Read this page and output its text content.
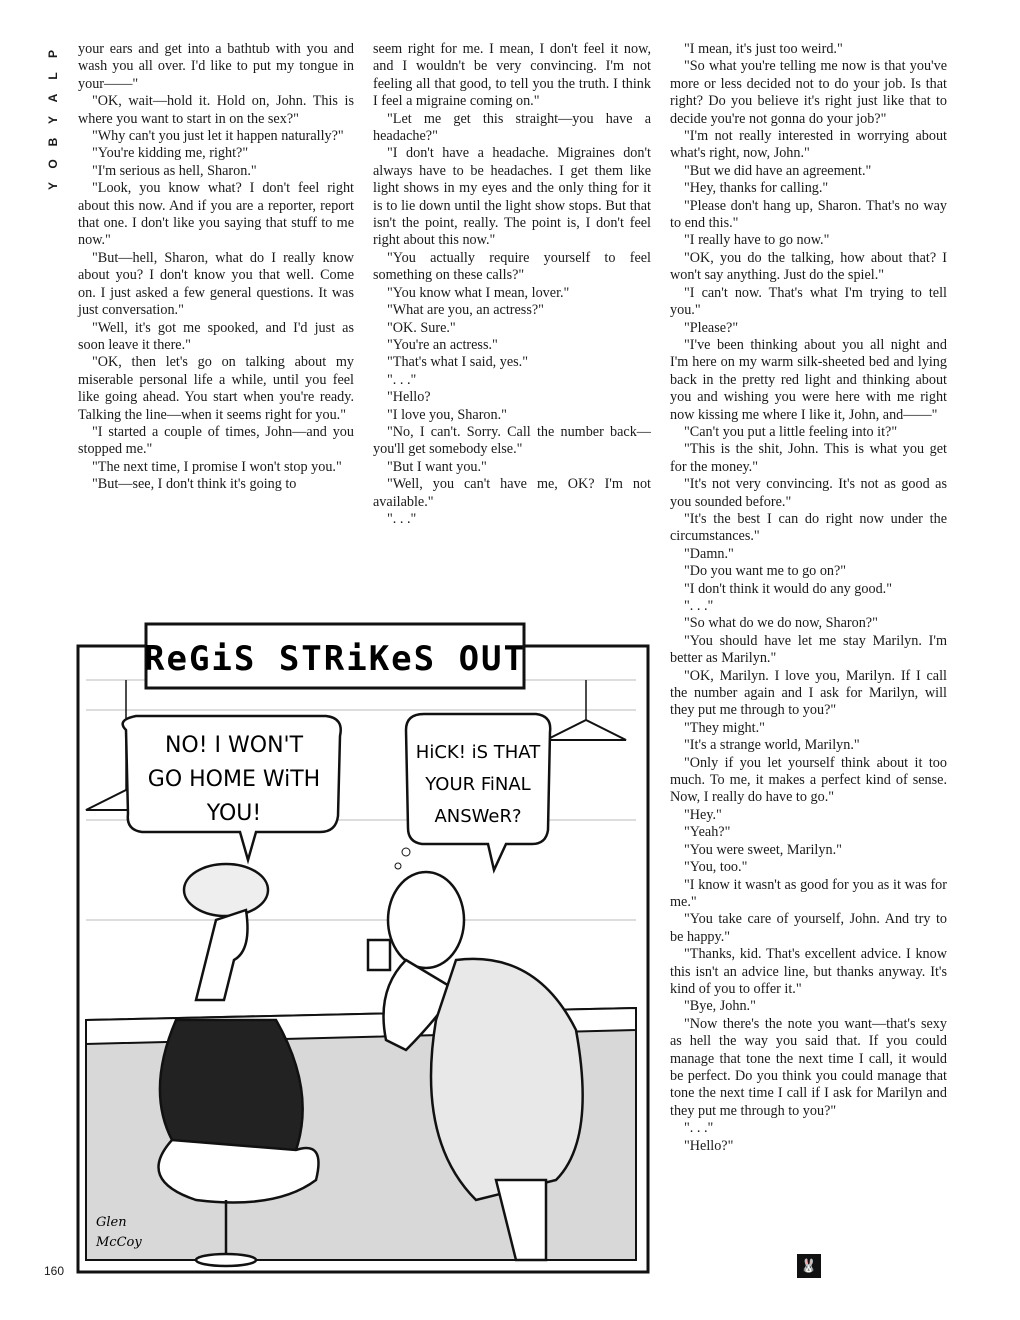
P
L
A
Y
B
O
Y

your ears and get into a bathtub with you and wash you all over. I'd like to put my tongue in your——"

"OK, wait—hold it. Hold on, John. This is where you want to start in on the sex?"

"Why can't you just let it happen naturally?"

"You're kidding me, right?"

"I'm serious as hell, Sharon."

"Look, you know what? I don't feel right about this now. And if you are a reporter, report that one. I don't like you saying that stuff to me now."

"But—hell, Sharon, what do I really know about you? I don't know you that well. Come on. I just asked a few general questions. It was just conversation."

"Well, it's got me spooked, and I'd just as soon leave it there."

"OK, then let's go on talking about my miserable personal life a while, until you feel like going ahead. You start when you're ready. Talking the line—when it seems right for you."

"I started a couple of times, John—and you stopped me."

"The next time, I promise I won't stop you."

"But—see, I don't think it's going to

seem right for me. I mean, I don't feel it now, and I wouldn't be very convincing. I'm not feeling all that good, to tell you the truth. I think I feel a migraine coming on."

"Let me get this straight—you have a headache?"

"I don't have a headache. Migraines don't always have to be headaches. I get them like light shows in my eyes and the only thing for it is to lie down until the light show stops. But that isn't the point, really. The point is, I don't feel right about this now."

"You actually require yourself to feel something on these calls?"

"You know what I mean, lover."

"What are you, an actress?"

"OK. Sure."

"You're an actress."

"That's what I said, yes."

". . ."

"Hello?

"I love you, Sharon."

"No, I can't. Sorry. Call the number back—you'll get somebody else."

"But I want you."

"Well, you can't have me, OK? I'm not available."

". . ."

"I mean, it's just too weird."

"So what you're telling me now is that you've more or less decided not to do your job. Is that right? Do you believe it's right just like that to decide you're not gonna do your job?"

"I'm not really interested in worrying about what's right, now, John."

"But we did have an agreement."

"Hey, thanks for calling."

"Please don't hang up, Sharon. That's no way to end this."

"I really have to go now."

"OK, you do the talking, how about that? I won't say anything. Just do the spiel."

"I can't now. That's what I'm trying to tell you."

"Please?"

"I've been thinking about you all night and I'm here on my warm silk-sheeted bed and lying back in the pretty red light and thinking about you and wishing you were here with me right now kissing me where I like it, John, and——"

"Can't you put a little feeling into it?"

"This is the shit, John. This is what you get for the money."

"It's not very convincing. It's not as good as you sounded before."

"It's the best I can do right now under the circumstances."

"Damn."

"Do you want me to go on?"

"I don't think it would do any good."

". . ."

"So what do we do now, Sharon?"

"You should have let me stay Marilyn. I'm better as Marilyn."

"OK, Marilyn. I love you, Marilyn. If I call the number again and I ask for Marilyn, will they put me through to you?"

"They might."

"It's a strange world, Marilyn."

"Only if you let yourself think about it too much. To me, it makes a perfect kind of sense. Now, I really do have to go."

"Hey."

"Yeah?"

"You were sweet, Marilyn."

"You, too."

"I know it wasn't as good for you as it was for me."

"You take care of yourself, John. And try to be happy."

"Thanks, kid. That's excellent advice. I know this isn't an advice line, but thanks anyway. It's kind of you to offer it."

"Bye, John."

"Now there's the note you want—that's sexy as hell the way you said that. If you could manage that tone the next time I call, it would be perfect. Do you think you could manage that tone the next time I call if I ask for Marilyn and they put me through to you?"

". . ."

"Hello?"

ReGiS STRiKeS OUT
NO! I WON'T
GO HOME WiTH
YOU!
HiCK! iS THAT
YOUR FiNAL
ANSWeR?
Glen
McCoy
160	🐰
